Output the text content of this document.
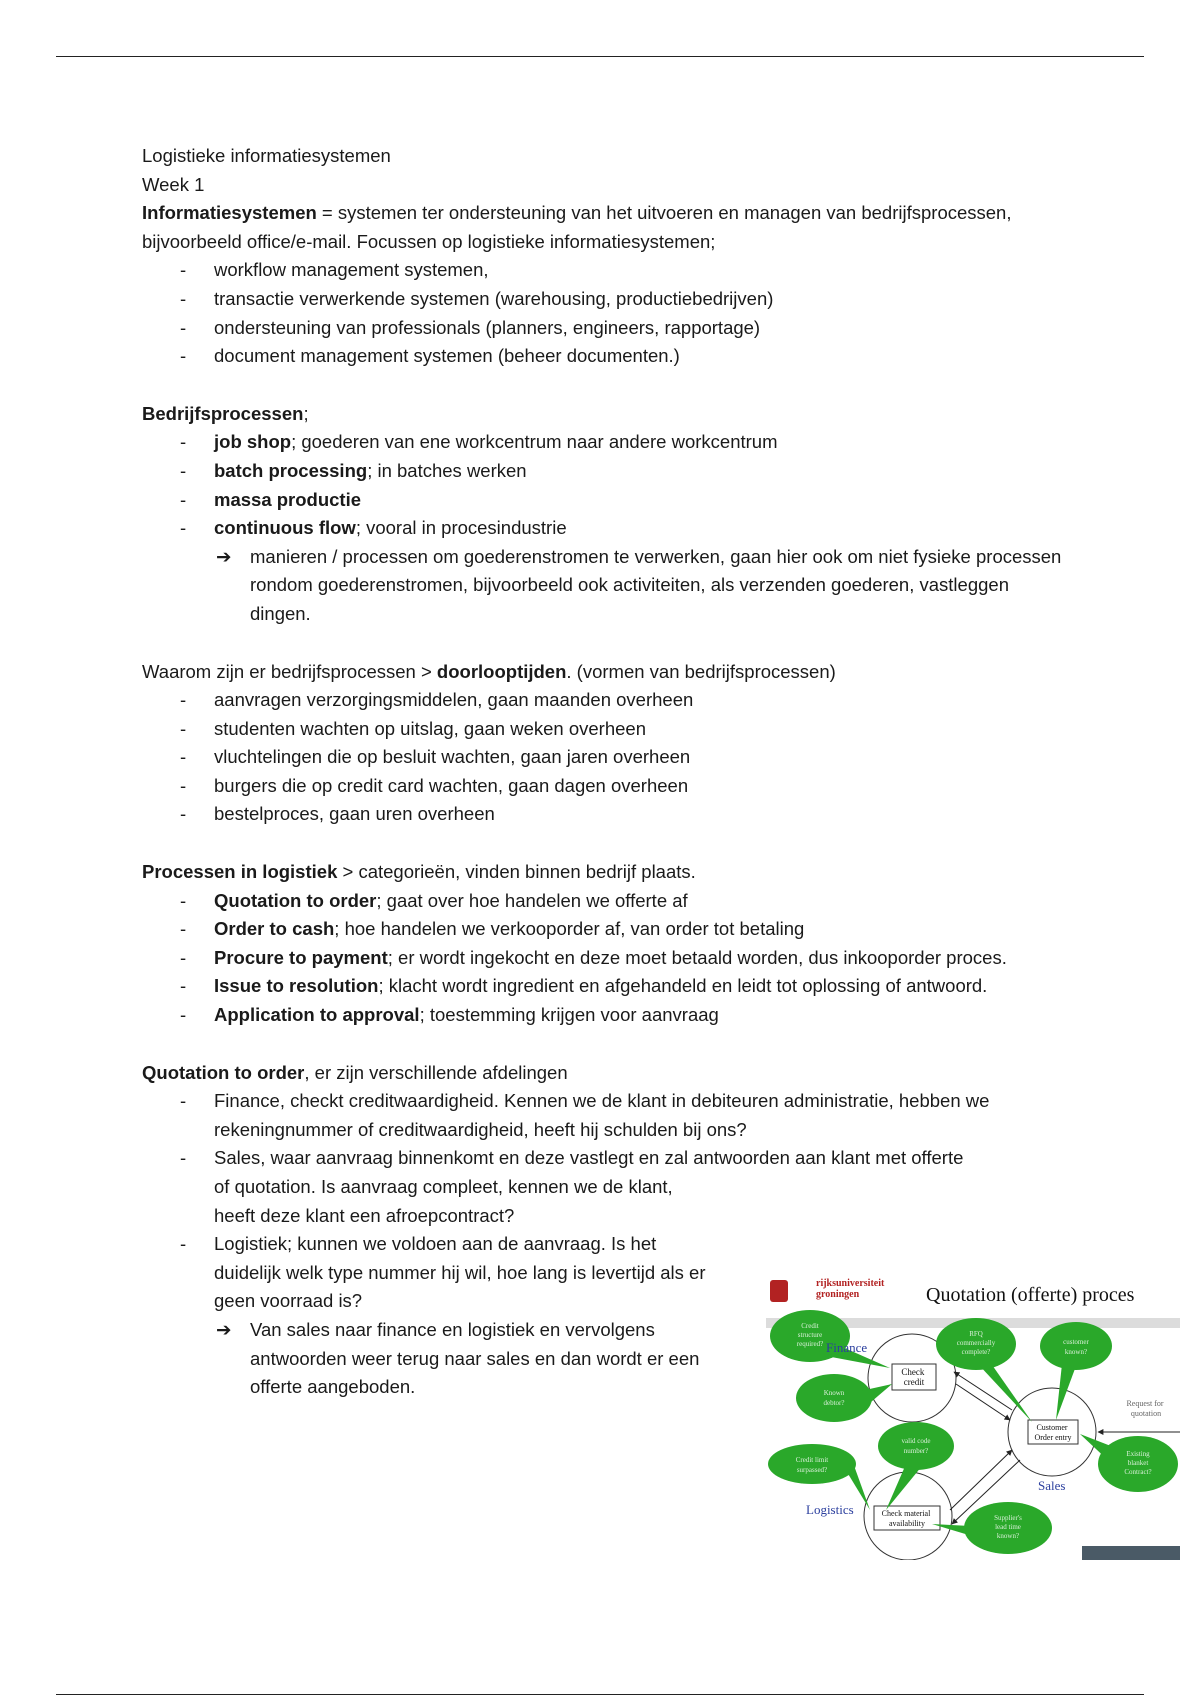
Logistieke informatiesystemen

Week 1

Informatiesystemen = systemen ter ondersteuning van het uitvoeren en managen van bedrijfsprocessen, bijvoorbeeld office/e-mail. Focussen op logistieke informatiesystemen;

- workflow management systemen,
- transactie verwerkende systemen (warehousing, productiebedrijven)
- ondersteuning van professionals (planners, engineers, rapportage)
- document management systemen (beheer documenten.)

Bedrijfsprocessen;

- job shop; goederen van ene workcentrum naar andere workcentrum
- batch processing; in batches werken
- massa productie
- continuous flow; vooral in procesindustrie
➔ manieren / processen om goederenstromen te verwerken, gaan hier ook om niet fysieke processen rondom goederenstromen, bijvoorbeeld ook activiteiten, als verzenden goederen, vastleggen dingen.

Waarom zijn er bedrijfsprocessen > doorlooptijden. (vormen van bedrijfsprocessen)

- aanvragen verzorgingsmiddelen, gaan maanden overheen
- studenten wachten op uitslag, gaan weken overheen
- vluchtelingen die op besluit wachten, gaan jaren overheen
- burgers die op credit card wachten, gaan dagen overheen
- bestelproces, gaan uren overheen

Processen in logistiek > categorieën, vinden binnen bedrijf plaats.

- Quotation to order; gaat over hoe handelen we offerte af
- Order to cash; hoe handelen we verkooporder af, van order tot betaling
- Procure to payment; er wordt ingekocht en deze moet betaald worden, dus inkooporder proces.
- Issue to resolution; klacht wordt ingredient en afgehandeld en leidt tot oplossing of antwoord.
- Application to approval; toestemming krijgen voor aanvraag

Quotation to order, er zijn verschillende afdelingen

- Finance, checkt creditwaardigheid. Kennen we de klant in debiteuren administratie, hebben we rekeningnummer of creditwaardigheid, heeft hij schulden bij ons?
- Sales, waar aanvraag binnenkomt en deze vastlegt en zal antwoorden aan klant met offerte
of quotation. Is aanvraag compleet, kennen we de klant, heeft deze klant een afroepcontract?
- Logistiek; kunnen we voldoen aan de aanvraag. Is het duidelijk welk type nummer hij wil, hoe lang is levertijd als er geen voorraad is?
➔ Van sales naar finance en logistiek en vervolgens antwoorden weer terug naar sales en dan wordt er een offerte aangeboden.
rijksuniversiteit groningen	Quotation (offerte) proces
Finance
Sales
Logistics
Check credit
Customer Order entry
Check material availability
Request for quotation
Credit structure required?
Known debtor?
Credit limit surpassed?
RFQ commercially complete?
customer known?
valid code number?	Existing blanket Contract?
Supplier's lead time known?
